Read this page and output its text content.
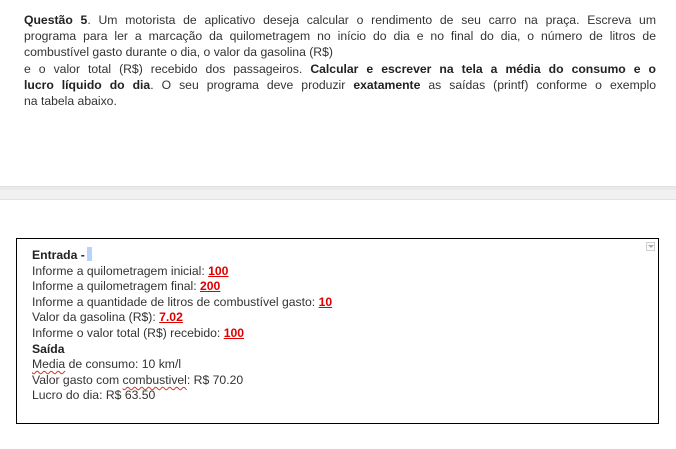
Questão 5. Um motorista de aplicativo deseja calcular o rendimento de seu carro na praça. Escreva um
programa para ler a marcação da quilometragem no início do dia e no final do dia, o número de litros de
combustível gasto durante o dia, o valor da gasolina (R$)
e o valor total (R$) recebido dos passageiros. Calcular e escrever na tela a média do consumo e o
lucro líquido do dia. O seu programa deve produzir exatamente as saídas (printf) conforme o exemplo
na tabela abaixo.
Entrada -
Informe a quilometragem inicial: 100
Informe a quilometragem final: 200
Informe a quantidade de litros de combustível gasto: 10
Valor da gasolina (R$): 7.02
Informe o valor total (R$) recebido: 100
Saída
Media de consumo: 10 km/l
Valor gasto com combustivel: R$ 70.20
Lucro do dia: R$ 63.50
